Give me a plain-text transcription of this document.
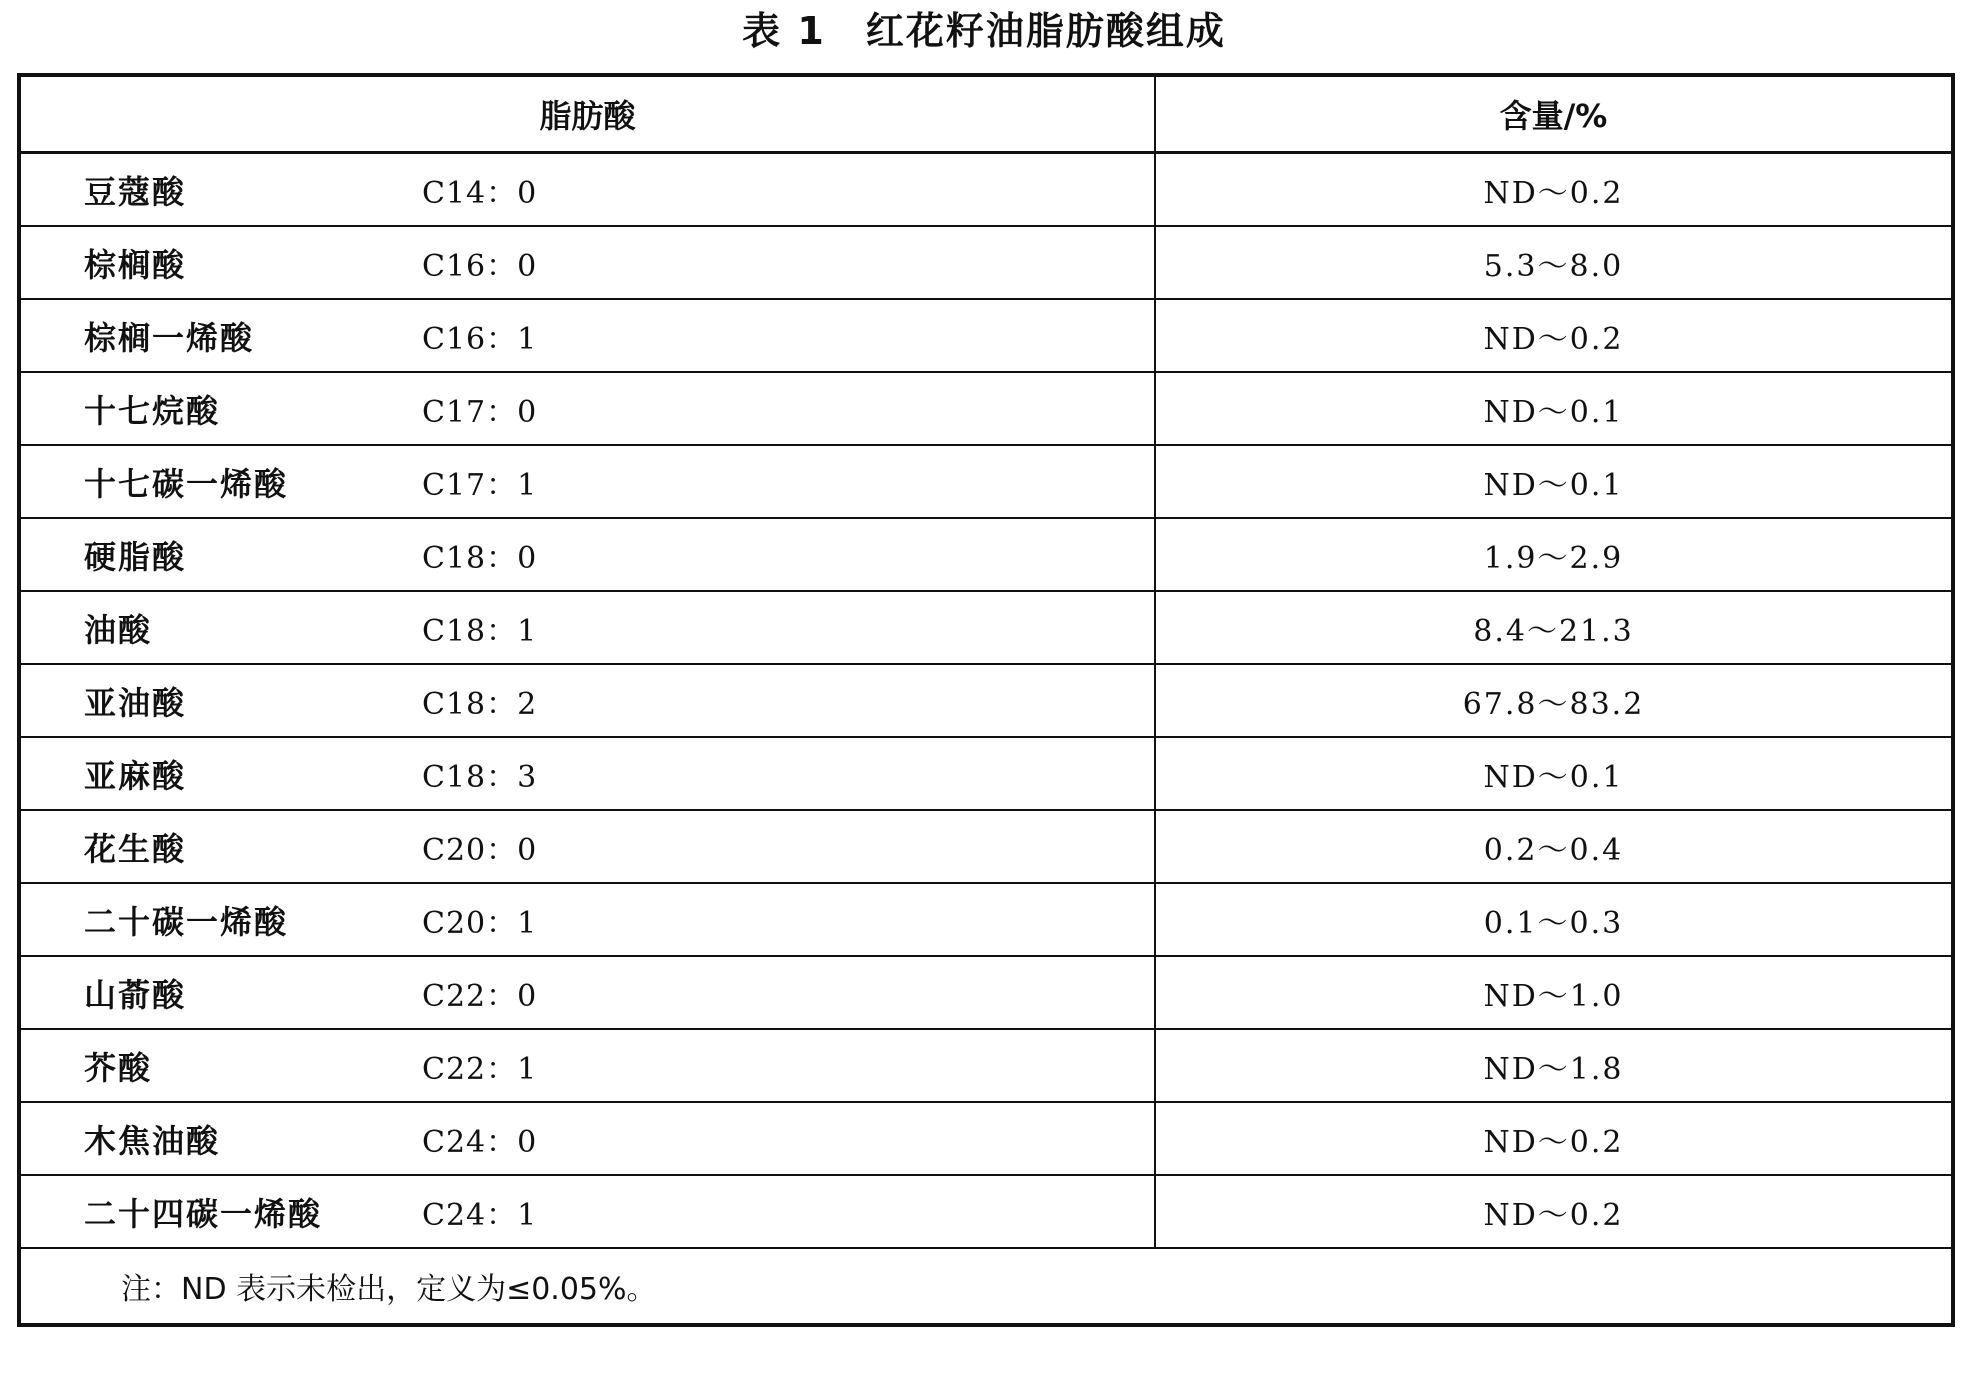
表 1 红花籽油脂肪酸组成
脂肪酸	含量/%
豆蔻酸 C14：0	ND～0.2
棕榈酸 C16：0	5.3～8.0
棕榈一烯酸 C16：1	ND～0.2
十七烷酸 C17：0	ND～0.1
十七碳一烯酸 C17：1	ND～0.1
硬脂酸 C18：0	1.9～2.9
油酸 C18：1	8.4～21.3
亚油酸 C18：2	67.8～83.2
亚麻酸 C18：3	ND～0.1
花生酸 C20：0	0.2～0.4
二十碳一烯酸 C20：1	0.1～0.3
山萮酸 C22：0	ND～1.0
芥酸 C22：1	ND～1.8
木焦油酸 C24：0	ND～0.2
二十四碳一烯酸 C24：1	ND～0.2
注：ND 表示未检出，定义为≤0.05%。	
